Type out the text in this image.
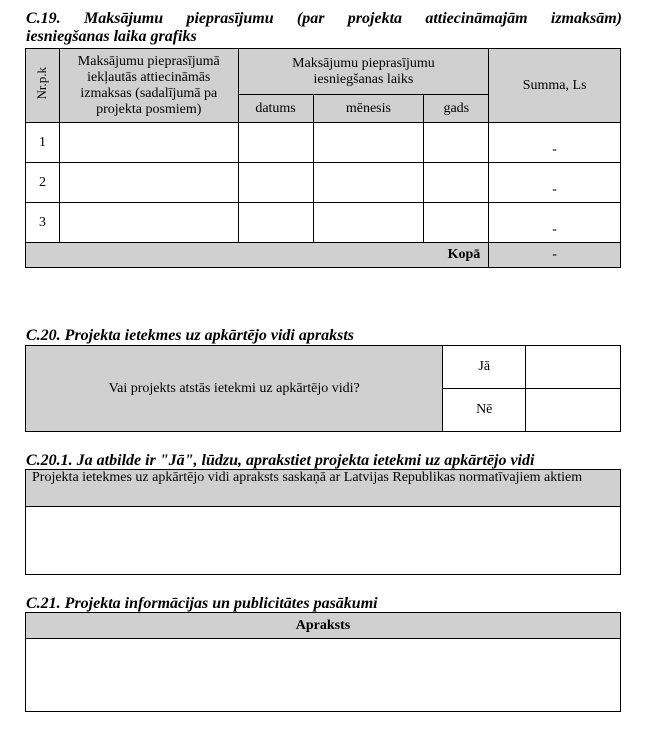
C.19. Maksājumu pieprasījumu (par projekta attiecināmajām izmaksām)
iesniegšanas laika grafiks
Nr.p.k	Maksājumu pieprasījumā iekļautās attiecināmās izmaksas (sadalījumā pa projekta posmiem)	Maksājumu pieprasījumu iesniegšanas laiks			Summa, Ls
		datums	mēnesis	gads	
1					-
2					-
3					-
Kopā					-
C.20. Projekta ietekmes uz apkārtējo vidi apraksts
Vai projekts atstās ietekmi uz apkārtējo vidi?	Jā	
	Nē	
C.20.1. Ja atbilde ir "Jā", lūdzu, aprakstiet projekta ietekmi uz apkārtējo vidi
Projekta ietekmes uz apkārtējo vidi apraksts saskaņā ar Latvijas Republikas normatīvajiem aktiem
C.21. Projekta informācijas un publicitātes pasākumi
Apraksts
